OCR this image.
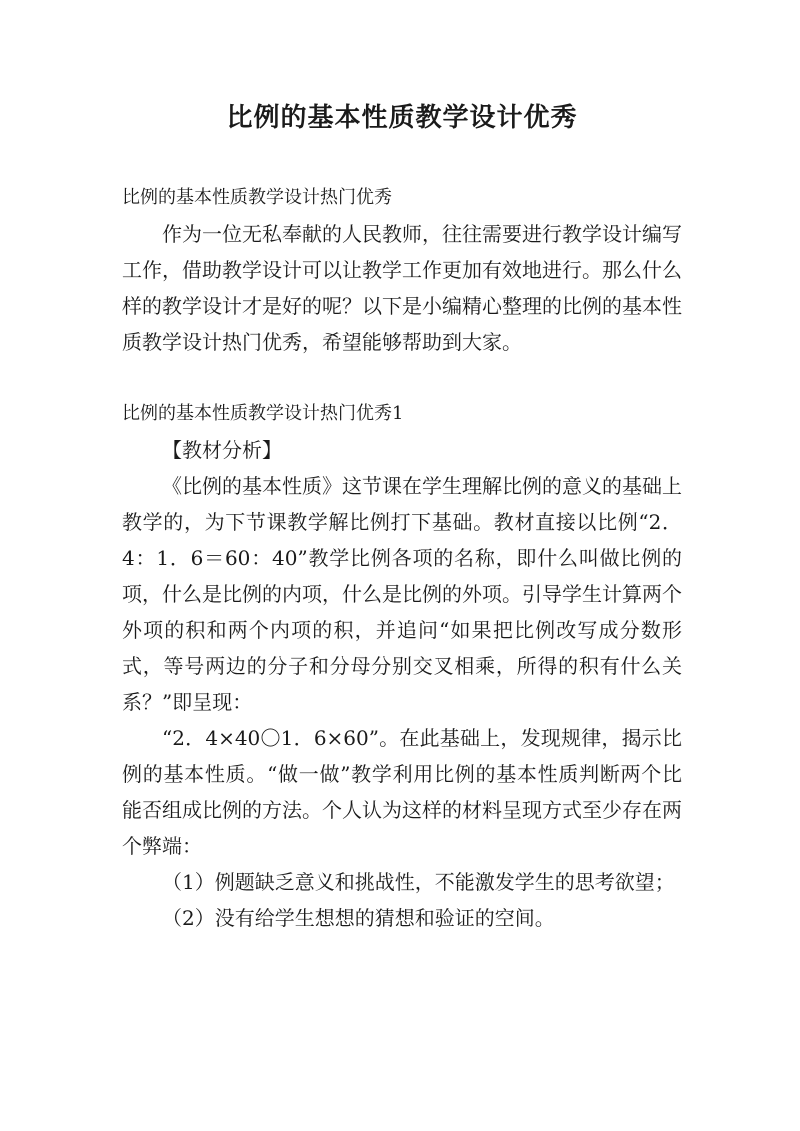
比例的基本性质教学设计优秀
比例的基本性质教学设计热门优秀

作为一位无私奉献的人民教师，往往需要进行教学设计编写工作，借助教学设计可以让教学工作更加有效地进行。那么什么样的教学设计才是好的呢？以下是小编精心整理的比例的基本性质教学设计热门优秀，希望能够帮助到大家。

比例的基本性质教学设计热门优秀1

【教材分析】

《比例的基本性质》这节课在学生理解比例的意义的基础上教学的，为下节课教学解比例打下基础。教材直接以比例“2．4：1．6＝60：40”教学比例各项的名称，即什么叫做比例的项，什么是比例的内项，什么是比例的外项。引导学生计算两个外项的积和两个内项的积，并追问“如果把比例改写成分数形式，等号两边的分子和分母分别交叉相乘，所得的积有什么关系？”即呈现：

“2．4×40〇1．6×60”。在此基础上，发现规律，揭示比例的基本性质。“做一做”教学利用比例的基本性质判断两个比能否组成比例的方法。个人认为这样的材料呈现方式至少存在两个弊端：

（1）例题缺乏意义和挑战性，不能激发学生的思考欲望；

（2）没有给学生想想的猜想和验证的空间。
